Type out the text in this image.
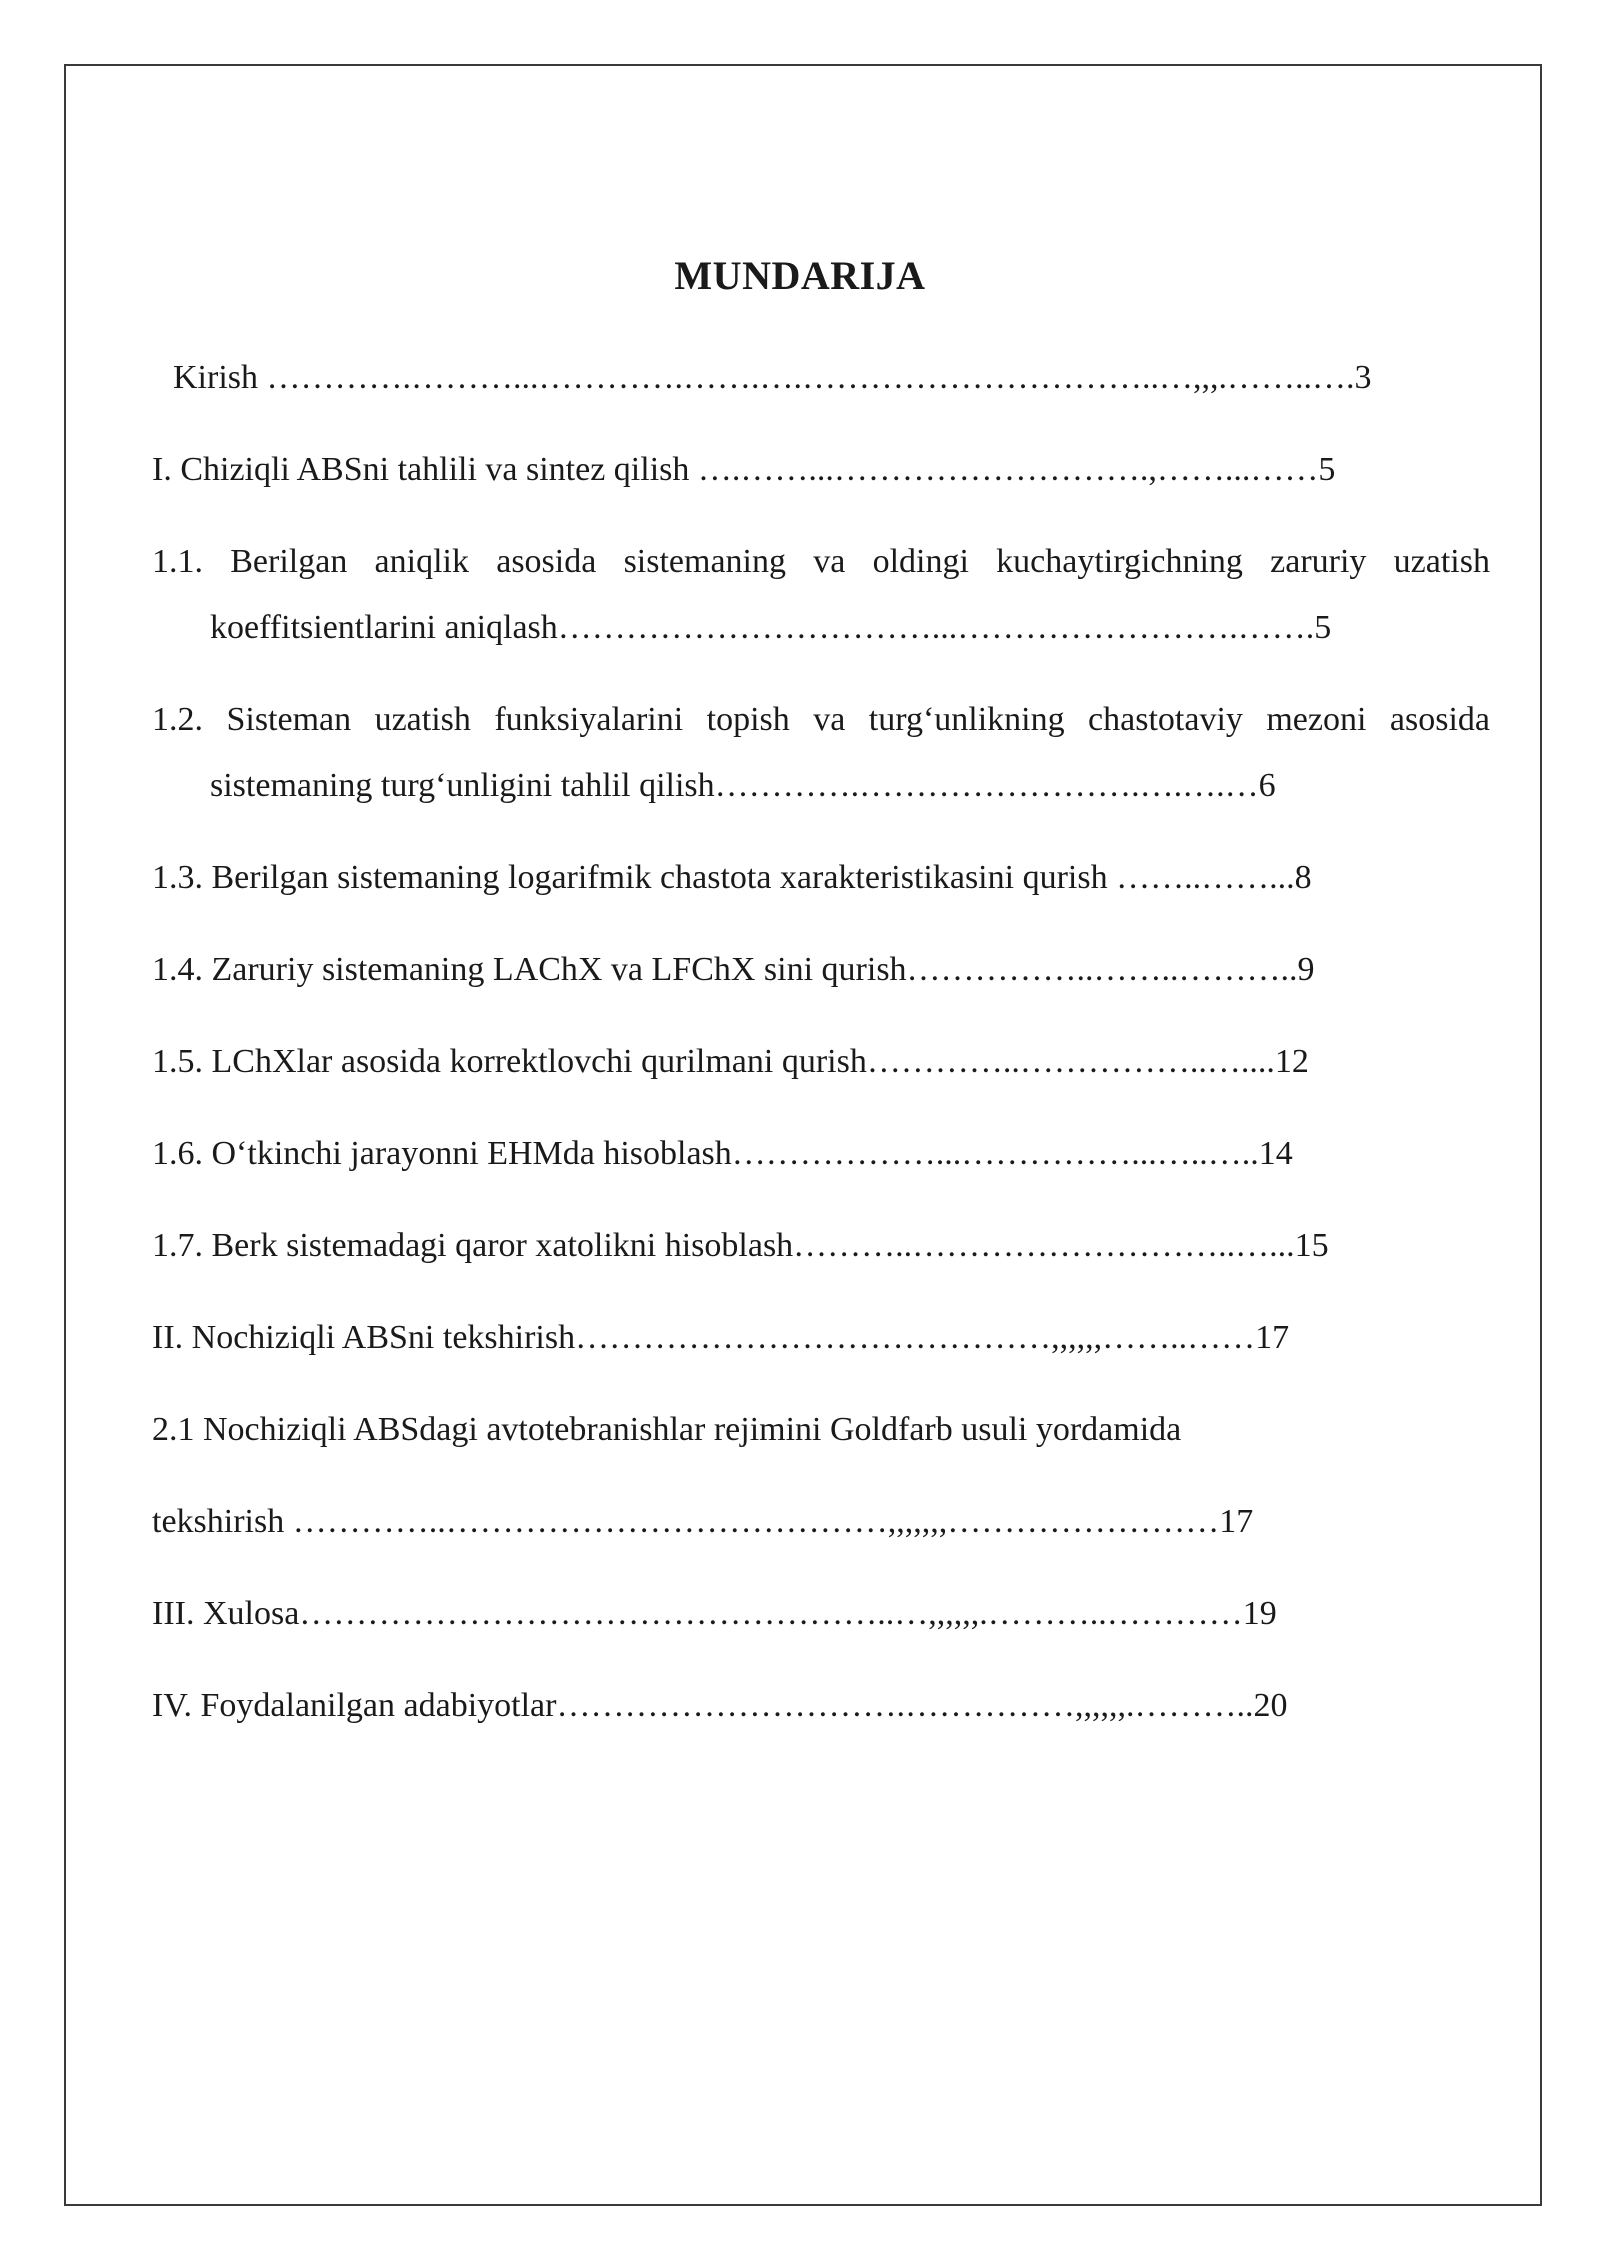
MUNDARIJA
Kirish ………….………...………….…….….…………………………..…,,,.……..….3
I. Chiziqli ABSni tahlili va sintez qilish ….……...……………………….,……...……5
1.1. Berilgan aniqlik asosida sistemaning va oldingi kuchaytirgichning zaruriy uzatish
koeffitsientlarini aniqlash……………………………...…………………….…….5
1.2. Sisteman uzatish funksiyalarini topish va turg‘unlikning chastotaviy mezoni asosida
sistemaning turg‘unligini tahlil qilish………….…………………….….….…6
1.3. Berilgan sistemaning logarifmik chastota xarakteristikasini qurish ……..……...8
1.4. Zaruriy sistemaning LAChX va LFChX sini qurish……………..……..………..9
1.5. LChXlar asosida korrektlovchi qurilmani qurish…………..……………..…....12
1.6. O‘tkinchi jarayonni EHMda hisoblash………………...……………...…..…..14
1.7. Berk sistemadagi qaror xatolikni hisoblash………..………………………..…...15
II. Nochiziqli ABSni tekshirish……………………………………,,,,,,……..……17
2.1 Nochiziqli ABSdagi avtotebranishlar rejimini Goldfarb usuli yordamida
tekshirish …………..…………………………………,,,,,,,……………………17
III. Xulosa……………………………………………..…,,,,,,.………..…………19
IV. Foydalanilgan adabiyotlar………………………….……………,,,,,,.………..20
